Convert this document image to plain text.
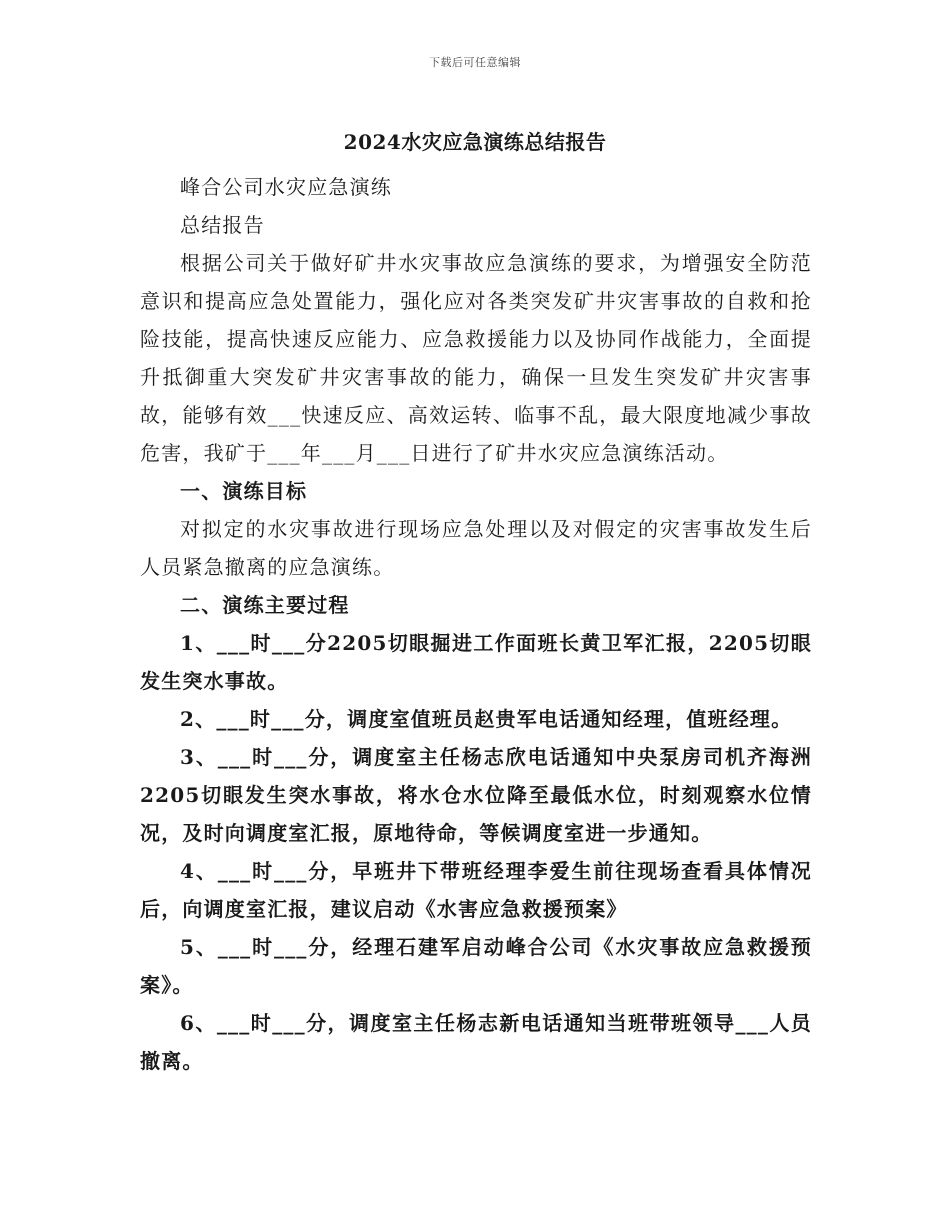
下载后可任意编辑
2024水灾应急演练总结报告

峰合公司水灾应急演练

总结报告

根据公司关于做好矿井水灾事故应急演练的要求，为增强安全防范意识和提高应急处置能力，强化应对各类突发矿井灾害事故的自救和抢险技能，提高快速反应能力、应急救援能力以及协同作战能力，全面提升抵御重大突发矿井灾害事故的能力，确保一旦发生突发矿井灾害事故，能够有效___快速反应、高效运转、临事不乱，最大限度地减少事故危害，我矿于___年___月___日进行了矿井水灾应急演练活动。

一、演练目标

对拟定的水灾事故进行现场应急处理以及对假定的灾害事故发生后人员紧急撤离的应急演练。

二、演练主要过程

1、___时___分2205切眼掘进工作面班长黄卫军汇报，2205切眼发生突水事故。

2、___时___分，调度室值班员赵贵军电话通知经理，值班经理。

3、___时___分，调度室主任杨志欣电话通知中央泵房司机齐海洲2205切眼发生突水事故，将水仓水位降至最低水位，时刻观察水位情况，及时向调度室汇报，原地待命，等候调度室进一步通知。

4、___时___分，早班井下带班经理李爱生前往现场查看具体情况后，向调度室汇报，建议启动《水害应急救援预案》

5、___时___分，经理石建军启动峰合公司《水灾事故应急救援预案》。

6、___时___分，调度室主任杨志新电话通知当班带班领导___人员撤离。
